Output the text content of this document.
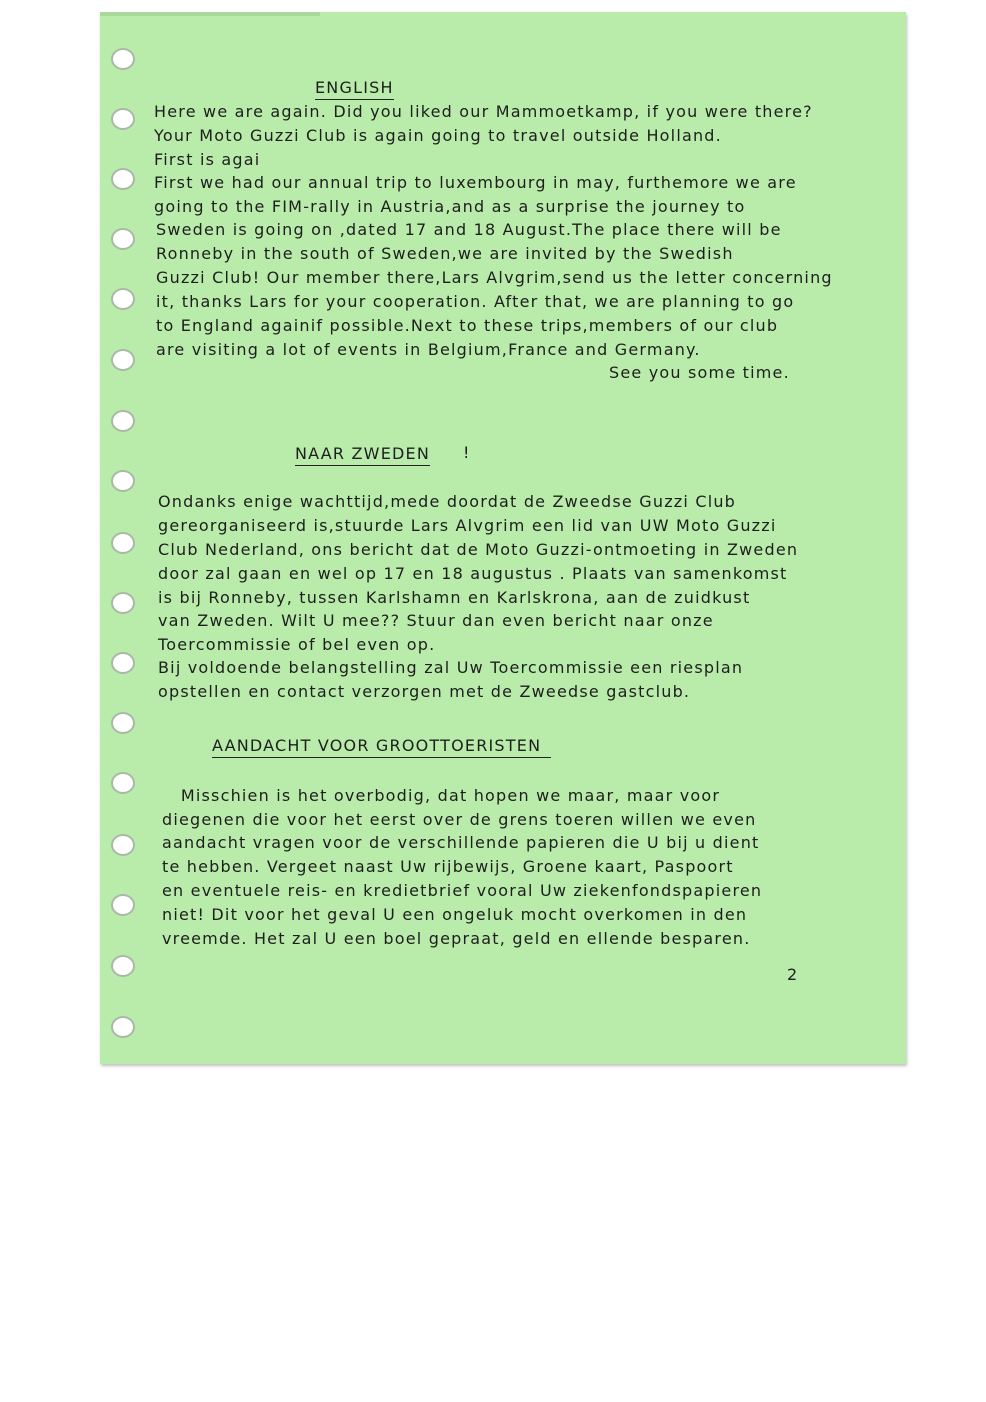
ENGLISH

Here we are again. Did you liked our Mammoetkamp, if you were there?

Your Moto Guzzi Club is again going to travel outside Holland.

First is agai

First we had our annual trip to luxembourg in may, furthemore we are

going to the FIM-rally in Austria,and as a surprise the journey to

Sweden is going on ,dated 17 and 18 August.The place there will be

Ronneby in the south of Sweden,we are invited by the Swedish

Guzzi Club! Our member there,Lars Alvgrim,send us the letter concerning

it, thanks Lars for your cooperation. After that, we are planning to go

to England againif possible.Next to these trips,members of our club

are visiting a lot of events in Belgium,France and Germany.

See you some time.

NAAR ZWEDEN !

Ondanks enige wachttijd,mede doordat de Zweedse Guzzi Club

gereorganiseerd is,stuurde Lars Alvgrim een lid van UW Moto Guzzi

Club Nederland, ons bericht dat de Moto Guzzi-ontmoeting in Zweden

door zal gaan en wel op 17 en 18 augustus . Plaats van samenkomst

is bij Ronneby, tussen Karlshamn en Karlskrona, aan de zuidkust

van Zweden. Wilt U mee?? Stuur dan even bericht naar onze

Toercommissie of bel even op.

Bij voldoende belangstelling zal Uw Toercommissie een riesplan

opstellen en contact verzorgen met de Zweedse gastclub.

AANDACHT VOOR GROOTTOERISTEN

Misschien is het overbodig, dat hopen we maar, maar voor

diegenen die voor het eerst over de grens toeren willen we even

aandacht vragen voor de verschillende papieren die U bij u dient

te hebben. Vergeet naast Uw rijbewijs, Groene kaart, Paspoort

en eventuele reis- en kredietbrief vooral Uw ziekenfondspapieren

niet! Dit voor het geval U een ongeluk mocht overkomen in den

vreemde. Het zal U een boel gepraat, geld en ellende besparen.

2
